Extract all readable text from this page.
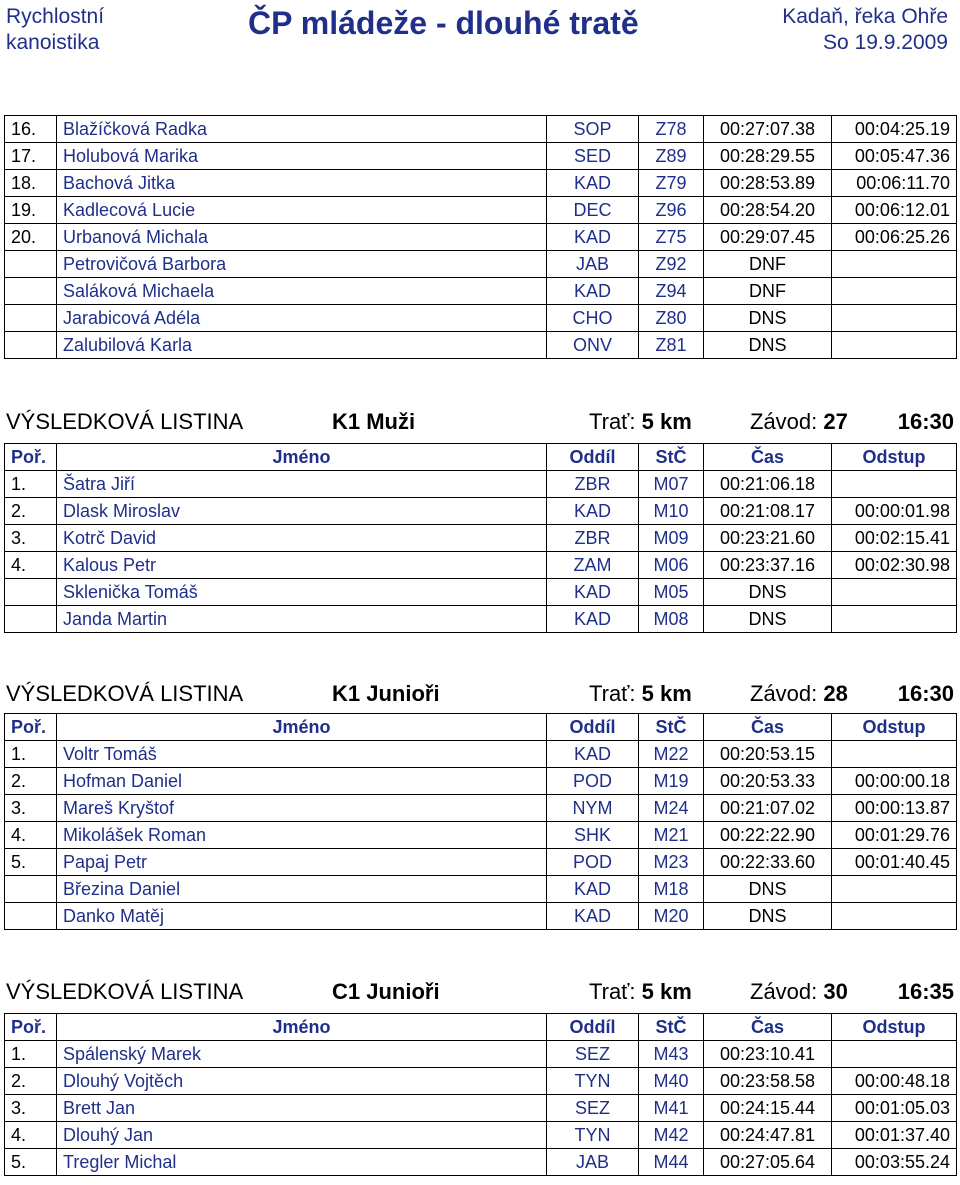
Rychlostní
kanoistika
ČP mládeže - dlouhé tratě	Kadaň, řeka Ohře
So 19.9.2009
16.	Blažíčková Radka	SOP	Z78	00:27:07.38	00:04:25.19
17.	Holubová Marika	SED	Z89	00:28:29.55	00:05:47.36
18.	Bachová Jitka	KAD	Z79	00:28:53.89	00:06:11.70
19.	Kadlecová Lucie	DEC	Z96	00:28:54.20	00:06:12.01
20.	Urbanová Michala	KAD	Z75	00:29:07.45	00:06:25.26
	Petrovičová Barbora	JAB	Z92	DNF	
	Saláková Michaela	KAD	Z94	DNF	
	Jarabicová Adéla	CHO	Z80	DNS	
	Zalubilová Karla	ONV	Z81	DNS	
VÝSLEDKOVÁ LISTINA	K1 Muži	Trať: 5 km	Závod: 27 16:30
Poř.	Jméno	Oddíl	StČ	Čas	Odstup
1.	Šatra Jiří	ZBR	M07	00:21:06.18	
2.	Dlask Miroslav	KAD	M10	00:21:08.17	00:00:01.98
3.	Kotrč David	ZBR	M09	00:23:21.60	00:02:15.41
4.	Kalous Petr	ZAM	M06	00:23:37.16	00:02:30.98
	Sklenička Tomáš	KAD	M05	DNS	
	Janda Martin	KAD	M08	DNS	
VÝSLEDKOVÁ LISTINA	K1 Junioři	Trať: 5 km	Závod: 28 16:30
Poř.	Jméno	Oddíl	StČ	Čas	Odstup
1.	Voltr Tomáš	KAD	M22	00:20:53.15	
2.	Hofman Daniel	POD	M19	00:20:53.33	00:00:00.18
3.	Mareš Kryštof	NYM	M24	00:21:07.02	00:00:13.87
4.	Mikolášek Roman	SHK	M21	00:22:22.90	00:01:29.76
5.	Papaj Petr	POD	M23	00:22:33.60	00:01:40.45
	Březina Daniel	KAD	M18	DNS	
	Danko Matěj	KAD	M20	DNS	
VÝSLEDKOVÁ LISTINA	C1 Junioři	Trať: 5 km	Závod: 30 16:35
Poř.	Jméno	Oddíl	StČ	Čas	Odstup
1.	Spálenský Marek	SEZ	M43	00:23:10.41	
2.	Dlouhý Vojtěch	TYN	M40	00:23:58.58	00:00:48.18
3.	Brett Jan	SEZ	M41	00:24:15.44	00:01:05.03
4.	Dlouhý Jan	TYN	M42	00:24:47.81	00:01:37.40
5.	Tregler Michal	JAB	M44	00:27:05.64	00:03:55.24
